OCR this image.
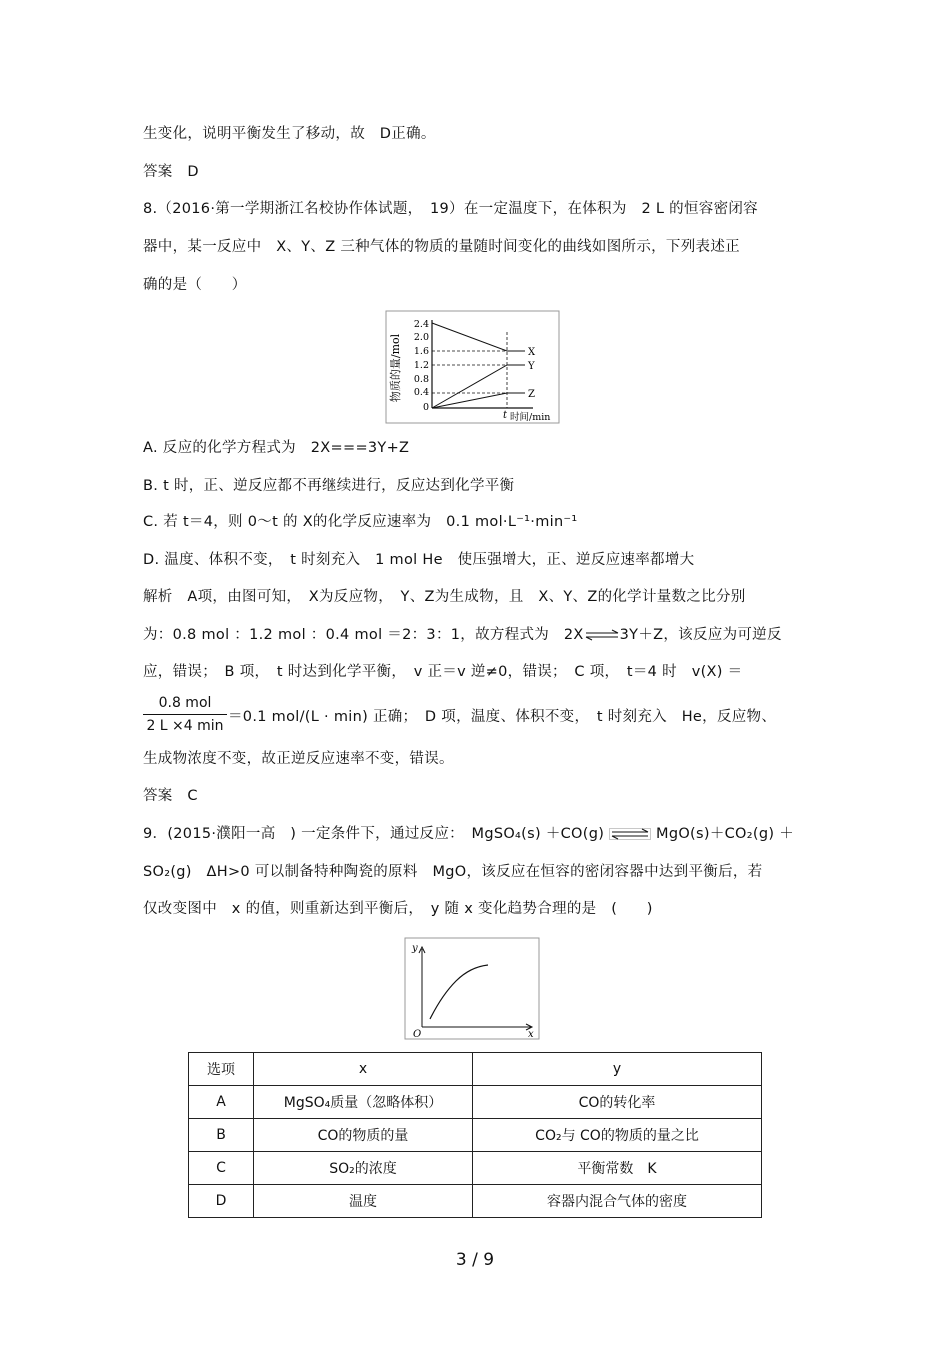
生变化，说明平衡发生了移动，故　D正确。
答案　D
8.（2016·第一学期浙江名校协作体试题，　19）在一定温度下，在体积为　2 L 的恒容密闭容
器中，某一反应中　X、Y、Z 三种气体的物质的量随时间变化的曲线如图所示，下列表述正
确的是（　　）
物质的量/mol
2.4
2.0
1.6
1.2
0.8
0.4
0
X
Y
Z
t 时间/min
A. 反应的化学方程式为　2X===3Y+Z
B. t 时，正、逆反应都不再继续进行，反应达到化学平衡
C. 若 t＝4，则 0～t 的 X的化学反应速率为　0.1 mol·L⁻¹·min⁻¹
D. 温度、体积不变，　t 时刻充入　1 mol He　使压强增大，正、逆反应速率都增大
解析　A项，由图可知，　X为反应物，　Y、Z为生成物，且　X、Y、Z的化学计量数之比分别
为：0.8 mol ：1.2 mol ：0.4 mol ＝2：3：1，故方程式为　2X⇌3Y＋Z，该反应为可逆反
应，错误；　B 项，　t 时达到化学平衡，　v 正＝v 逆≠0，错误；　C 项，　t＝4 时　v(X) ＝
0.8 mol
2 L ×4 min
＝0.1 mol/(L · min) 正确；　D 项，温度、体积不变，　t 时刻充入　He，反应物、
生成物浓度不变，故正逆反应速率不变，错误。
答案　C
9．(2015·濮阳一高　) 一定条件下，通过反应：　MgSO₄(s) ＋CO(g)	MgO(s)＋CO₂(g) ＋
SO₂(g)　ΔH>0 可以制备特种陶瓷的原料　MgO，该反应在恒容的密闭容器中达到平衡后，若
仅改变图中　x 的值，则重新达到平衡后，　y 随 x 变化趋势合理的是　(　　)
y
x
O
选项	x	y
A	MgSO₄质量（忽略体积）	CO的转化率
B	CO的物质的量	CO₂与 CO的物质的量之比
C	SO₂的浓度	平衡常数　K
D	温度	容器内混合气体的密度
3 / 9
